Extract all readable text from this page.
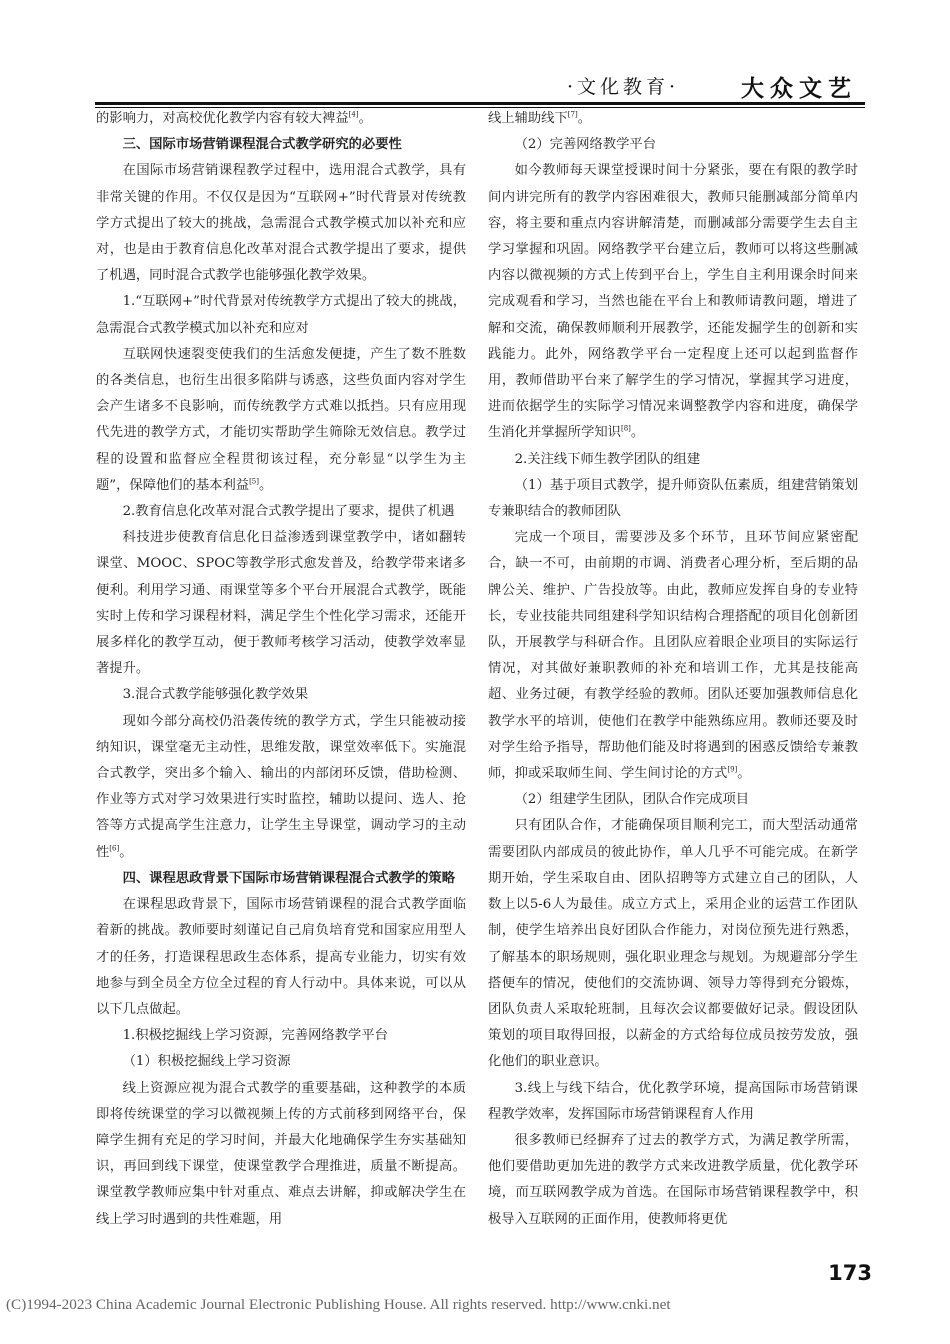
·文化教育·	大众文艺

的影响力，对高校优化教学内容有较大裨益[4]。

三、国际市场营销课程混合式教学研究的必要性

在国际市场营销课程教学过程中，选用混合式教学，具有非常关键的作用。不仅仅是因为“互联网+”时代背景对传统教学方式提出了较大的挑战，急需混合式教学模式加以补充和应对，也是由于教育信息化改革对混合式教学提出了要求，提供了机遇，同时混合式教学也能够强化教学效果。

1.“互联网+”时代背景对传统教学方式提出了较大的挑战，急需混合式教学模式加以补充和应对

互联网快速裂变使我们的生活愈发便捷，产生了数不胜数的各类信息，也衍生出很多陷阱与诱惑，这些负面内容对学生会产生诸多不良影响，而传统教学方式难以抵挡。只有应用现代先进的教学方式，才能切实帮助学生筛除无效信息。教学过程的设置和监督应全程贯彻该过程，充分彰显“以学生为主题”，保障他们的基本利益[5]。

2.教育信息化改革对混合式教学提出了要求，提供了机遇

科技进步使教育信息化日益渗透到课堂教学中，诸如翻转课堂、MOOC、SPOC等教学形式愈发普及，给教学带来诸多便利。利用学习通、雨课堂等多个平台开展混合式教学，既能实时上传和学习课程材料，满足学生个性化学习需求，还能开展多样化的教学互动，便于教师考核学习活动，使教学效率显著提升。

3.混合式教学能够强化教学效果

现如今部分高校仍沿袭传统的教学方式，学生只能被动接纳知识，课堂毫无主动性，思维发散，课堂效率低下。实施混合式教学，突出多个输入、输出的内部闭环反馈，借助检测、作业等方式对学习效果进行实时监控，辅助以提问、选人、抢答等方式提高学生注意力，让学生主导课堂，调动学习的主动性[6]。

四、课程思政背景下国际市场营销课程混合式教学的策略

在课程思政背景下，国际市场营销课程的混合式教学面临着新的挑战。教师要时刻谨记自己肩负培育党和国家应用型人才的任务，打造课程思政生态体系，提高专业能力，切实有效地参与到全员全方位全过程的育人行动中。具体来说，可以从以下几点做起。

1.积极挖掘线上学习资源，完善网络教学平台

（1）积极挖掘线上学习资源

线上资源应视为混合式教学的重要基础，这种教学的本质即将传统课堂的学习以微视频上传的方式前移到网络平台，保障学生拥有充足的学习时间，并最大化地确保学生夯实基础知识，再回到线下课堂，使课堂教学合理推进，质量不断提高。课堂教学教师应集中针对重点、难点去讲解，抑或解决学生在线上学习时遇到的共性难题，用

线上辅助线下[7]。

（2）完善网络教学平台

如今教师每天课堂授课时间十分紧张，要在有限的教学时间内讲完所有的教学内容困难很大，教师只能删减部分简单内容，将主要和重点内容讲解清楚，而删减部分需要学生去自主学习掌握和巩固。网络教学平台建立后，教师可以将这些删减内容以微视频的方式上传到平台上，学生自主利用课余时间来完成观看和学习，当然也能在平台上和教师请教问题，增进了解和交流，确保教师顺利开展教学，还能发掘学生的创新和实践能力。此外，网络教学平台一定程度上还可以起到监督作用，教师借助平台来了解学生的学习情况，掌握其学习进度，进而依据学生的实际学习情况来调整教学内容和进度，确保学生消化并掌握所学知识[8]。

2.关注线下师生教学团队的组建

（1）基于项目式教学，提升师资队伍素质，组建营销策划专兼职结合的教师团队

完成一个项目，需要涉及多个环节，且环节间应紧密配合，缺一不可，由前期的市调、消费者心理分析，至后期的品牌公关、维护、广告投放等。由此，教师应发挥自身的专业特长，专业技能共同组建科学知识结构合理搭配的项目化创新团队，开展教学与科研合作。且团队应着眼企业项目的实际运行情况，对其做好兼职教师的补充和培训工作，尤其是技能高超、业务过硬，有教学经验的教师。团队还要加强教师信息化教学水平的培训，使他们在教学中能熟练应用。教师还要及时对学生给予指导，帮助他们能及时将遇到的困惑反馈给专兼教师，抑或采取师生间、学生间讨论的方式[9]。

（2）组建学生团队，团队合作完成项目

只有团队合作，才能确保项目顺利完工，而大型活动通常需要团队内部成员的彼此协作，单人几乎不可能完成。在新学期开始，学生采取自由、团队招聘等方式建立自己的团队，人数上以5-6人为最佳。成立方式上，采用企业的运营工作团队制，使学生培养出良好团队合作能力，对岗位预先进行熟悉，了解基本的职场规则，强化职业理念与规划。为规避部分学生搭便车的情况，使他们的交流协调、领导力等得到充分锻炼，团队负责人采取轮班制，且每次会议都要做好记录。假设团队策划的项目取得回报，以薪金的方式给每位成员按劳发放，强化他们的职业意识。

3.线上与线下结合，优化教学环境，提高国际市场营销课程教学效率，发挥国际市场营销课程育人作用

很多教师已经摒弃了过去的教学方式，为满足教学所需，他们要借助更加先进的教学方式来改进教学质量，优化教学环境，而互联网教学成为首选。在国际市场营销课程教学中，积极导入互联网的正面作用，使教师将更优

173
(C)1994-2023 China Academic Journal Electronic Publishing House. All rights reserved. http://www.cnki.net
